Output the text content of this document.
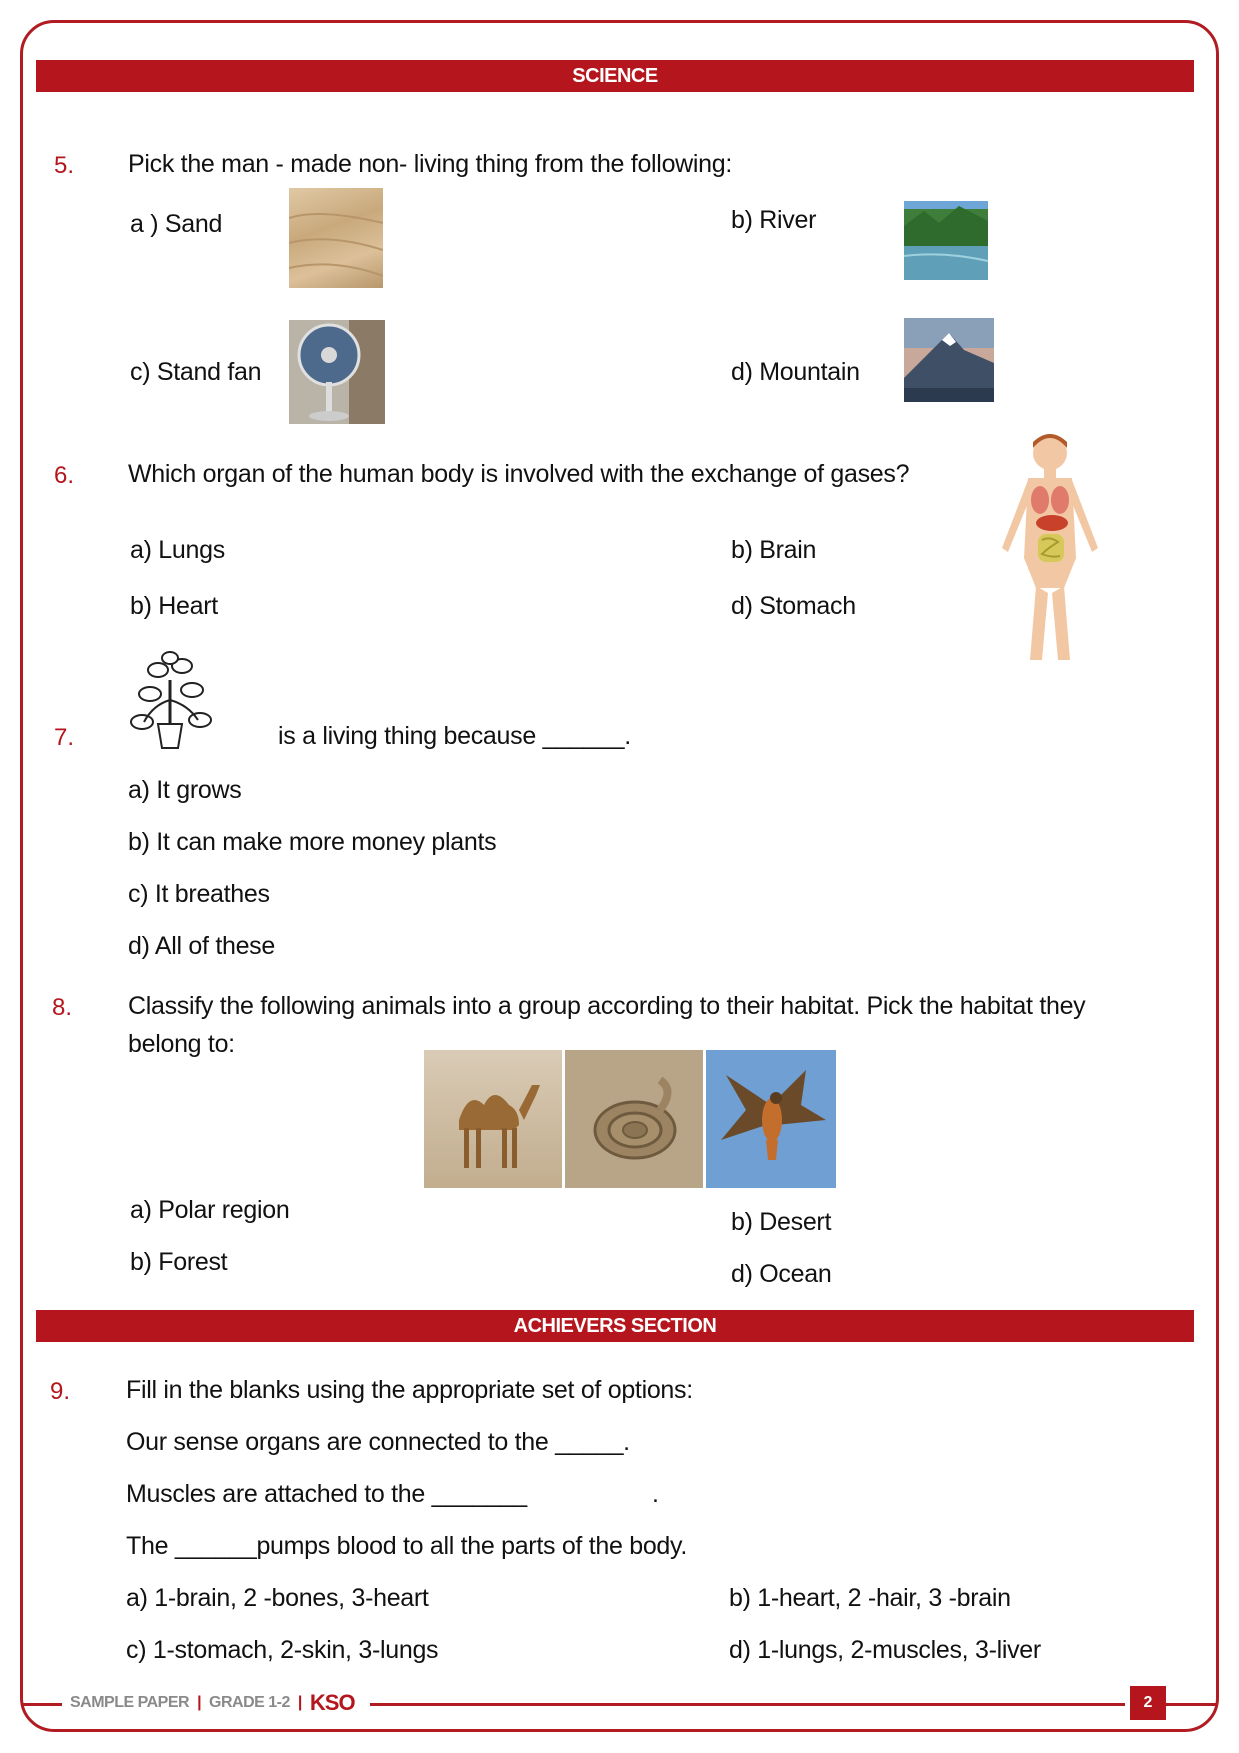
SCIENCE
5. Pick the man - made non- living thing from the following:
a ) Sand	b) River
c) Stand fan	d) Mountain
6. Which organ of the human body is involved with the exchange of gases?
a) Lungs	b) Brain
b) Heart	d) Stomach
7.	is a living thing because ______.
a) It grows
b) It can make more money plants
c) It breathes
d) All of these
8. Classify the following animals into a group according to their habitat. Pick the habitat they
belong to:
a) Polar region	b) Desert
b) Forest	d) Ocean
ACHIEVERS SECTION
9. Fill in the blanks using the appropriate set of options:
Our sense organs are connected to the _____.
Muscles are attached to the _______	.
The ______pumps blood to all the parts of the body.
a) 1-brain, 2 -bones, 3-heart	b) 1-heart, 2 -hair, 3 -brain
c) 1-stomach, 2-skin, 3-lungs	d) 1-lungs, 2-muscles, 3-liver
SAMPLE PAPER | GRADE 1-2 | KSO	2
